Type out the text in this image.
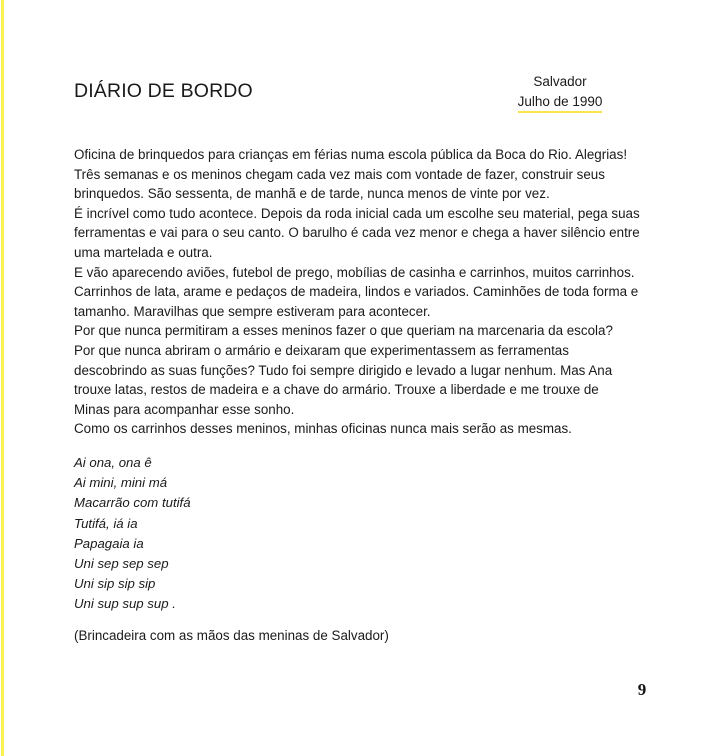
DIÁRIO DE BORDO	Salvador
Julho de 1990

Oficina de brinquedos para crianças em férias numa escola pública da Boca do Rio. Alegrias!
Três semanas e os meninos chegam cada vez mais com vontade de fazer, construir seus
brinquedos. São sessenta, de manhã e de tarde, nunca menos de vinte por vez.

É incrível como tudo acontece. Depois da roda inicial cada um escolhe seu material, pega suas
ferramentas e vai para o seu canto. O barulho é cada vez menor e chega a haver silêncio entre
uma martelada e outra.

E vão aparecendo aviões, futebol de prego, mobílias de casinha e carrinhos, muitos carrinhos.
Carrinhos de lata, arame e pedaços de madeira, lindos e variados. Caminhões de toda forma e
tamanho. Maravilhas que sempre estiveram para acontecer.

Por que nunca permitiram a esses meninos fazer o que queriam na marcenaria da escola?

Por que nunca abriram o armário e deixaram que experimentassem as ferramentas
descobrindo as suas funções? Tudo foi sempre dirigido e levado a lugar nenhum. Mas Ana
trouxe latas, restos de madeira e a chave do armário. Trouxe a liberdade e me trouxe de
Minas para acompanhar esse sonho.

Como os carrinhos desses meninos, minhas oficinas nunca mais serão as mesmas.

Ai ona, ona ê
Ai mini, mini má
Macarrão com tutifá
Tutifá, iá ia
Papagaia ia
Uni sep sep sep
Uni sip sip sip
Uni sup sup sup .
(Brincadeira com as mãos das meninas de Salvador)
9
